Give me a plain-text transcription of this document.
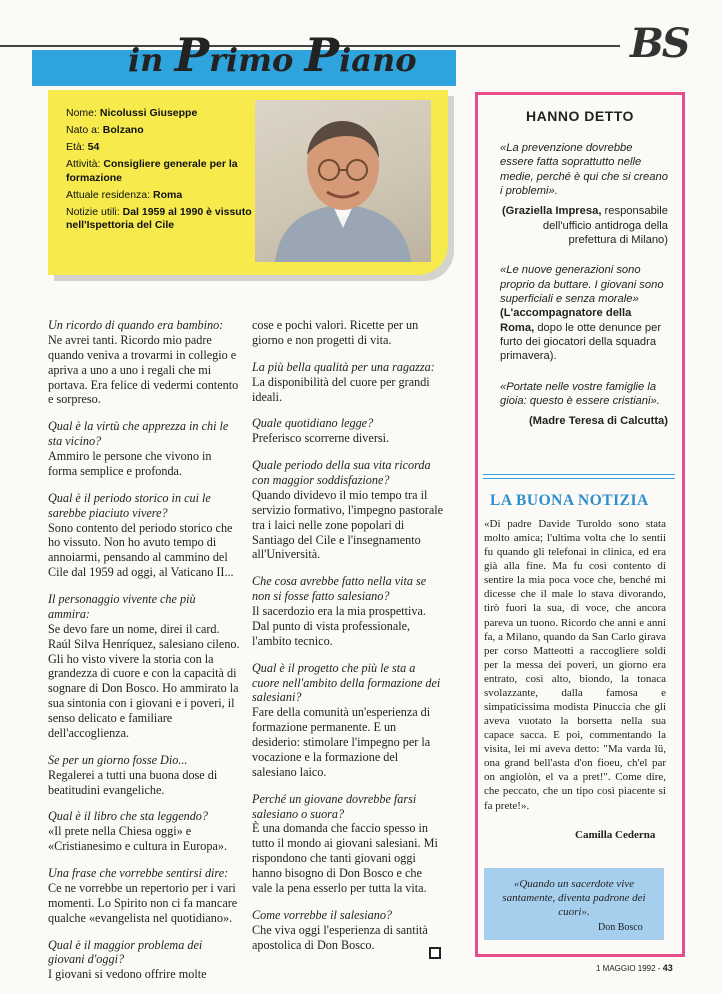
BS
in Primo Piano
Nome: Nicolussi Giuseppe
Nato a: Bolzano
Età: 54
Attività: Consigliere generale per la formazione
Attuale residenza: Roma
Notizie utili: Dal 1959 al 1990 è vissuto nell'Ispettoria del Cile

Un ricordo di quando era bambino:
Ne avrei tanti. Ricordo mio padre quando veniva a trovarmi in collegio e apriva a uno a uno i regali che mi portava. Era felice di vedermi contento e sorpreso.

Qual è la virtù che apprezza in chi le sta vicino?
Ammiro le persone che vivono in forma semplice e profonda.

Qual è il periodo storico in cui le sarebbe piaciuto vivere?
Sono contento del periodo storico che ho vissuto. Non ho avuto tempo di annoiarmi, pensando al cammino del Cile dal 1959 ad oggi, al Vaticano II...

Il personaggio vivente che più ammira:
Se devo fare un nome, direi il card. Raúl Silva Henríquez, salesiano cileno. Gli ho visto vivere la storia con la grandezza di cuore e con la capacità di sognare di Don Bosco. Ho ammirato la sua sintonia con i giovani e i poveri, il senso delicato e familiare dell'accoglienza.

Se per un giorno fosse Dio...
Regalerei a tutti una buona dose di beatitudini evangeliche.

Qual è il libro che sta leggendo?
«Il prete nella Chiesa oggi» e «Cristianesimo e cultura in Europa».

Una frase che vorrebbe sentirsi dire:
Ce ne vorrebbe un repertorio per i vari momenti. Lo Spirito non ci fa mancare qualche «evangelista nel quotidiano».

Qual è il maggior problema dei giovani d'oggi?
I giovani si vedono offrire molte

cose e pochi valori. Ricette per un giorno e non progetti di vita.

La più bella qualità per una ragazza:
La disponibilità del cuore per grandi ideali.

Quale quotidiano legge?
Preferisco scorrerne diversi.

Quale periodo della sua vita ricorda con maggior soddisfazione?
Quando dividevo il mio tempo tra il servizio formativo, l'impegno pastorale tra i laici nelle zone popolari di Santiago del Cile e l'insegnamento all'Università.

Che cosa avrebbe fatto nella vita se non si fosse fatto salesiano?
Il sacerdozio era la mia prospettiva. Dal punto di vista professionale, l'ambito tecnico.

Qual è il progetto che più le sta a cuore nell'ambito della formazione dei salesiani?
Fare della comunità un'esperienza di formazione permanente. E un desiderio: stimolare l'impegno per la vocazione e la formazione del salesiano laico.

Perché un giovane dovrebbe farsi salesiano o suora?
È una domanda che faccio spesso in tutto il mondo ai giovani salesiani. Mi rispondono che tanti giovani oggi hanno bisogno di Don Bosco e che vale la pena esserlo per tutta la vita.

Come vorrebbe il salesiano?
Che viva oggi l'esperienza di santità apostolica di Don Bosco.

HANNO DETTO
«La prevenzione dovrebbe essere fatta soprattutto nelle medie, perché è qui che si creano i problemi».
(Graziella Impresa, responsabile dell'ufficio antidroga della prefettura di Milano)
«Le nuove generazioni sono proprio da buttare. I giovani sono superficiali e senza morale» (L'accompagnatore della Roma, dopo le otte denunce per furto dei giocatori della squadra primavera).
«Portate nelle vostre famiglie la gioia: questo è essere cristiani».
(Madre Teresa di Calcutta)
LA BUONA NOTIZIA
«Di padre Davide Turoldo sono stata molto amica; l'ultima volta che lo sentii fu quando gli telefonai in clinica, ed era già alla fine. Ma fu così contento di sentire la mia poca voce che, benché mi dicesse che il male lo stava divorando, tirò fuori la sua, di voce, che ancora pareva un tuono. Ricordo che anni e anni fa, a Milano, quando da San Carlo girava per corso Matteotti a raccogliere soldi per la messa dei poveri, un giorno era entrato, così alto, biondo, la tonaca svolazzante, dalla famosa e simpaticissima modista Pinuccia che gli aveva vuotato la borsetta nella sua capace sacca. E poi, commentando la visita, lei mi aveva detto: "Ma varda lü, ona grand bell'asta d'on fioeu, ch'el par on angiolòn, el va a pret!". Come dire, che peccato, che un tipo così piacente si fa prete!».
Camilla Cederna
«Quando un sacerdote vive santamente, diventa padrone dei cuori».
Don Bosco
1 MAGGIO 1992 - 43
